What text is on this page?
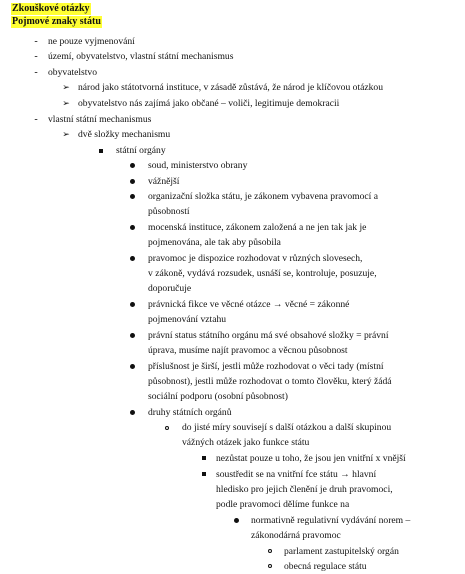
Zkouškové otázky
Pojmové znaky státu
-	ne pouze vyjmenování
-	území, obyvatelstvo, vlastní státní mechanismus
-	obyvatelstvo
➢ národ jako státotvorná instituce, v zásadě zůstává, že národ je klíčovou otázkou
➢ obyvatelstvo nás zajímá jako občané – voliči, legitimuje demokracii
-	vlastní státní mechanismus
➢ dvě složky mechanismu
státní orgány
soud, ministerstvo obrany
vážnější
organizační složka státu, je zákonem vybavena pravomocí a
působností
mocenská instituce, zákonem založená a ne jen tak jak je
pojmenována, ale tak aby působila
pravomoc je dispozice rozhodovat v různých slovesech,
v zákoně, vydává rozsudek, usnáší se, kontroluje, posuzuje,
doporučuje
právnická fikce ve věcné otázce → věcné = zákonné
pojmenování vztahu
právní status státního orgánu má své obsahové složky = právní
úprava, musíme najít pravomoc a věcnou působnost
příslušnost je širší, jestli může rozhodovat o věci tady (místní
působnost), jestli může rozhodovat o tomto člověku, který žádá
sociální podporu (osobní působnost)
druhy státních orgánů
do jisté míry souvisejí s další otázkou a další skupinou
vážných otázek jako funkce státu
nezůstat pouze u toho, že jsou jen vnitřní x vnější
soustředit se na vnitřní fce státu → hlavní
hledisko pro jejich členění je druh pravomoci,
podle pravomoci dělíme funkce na
normativně regulativní vydávání norem –
zákonodárná pravomoc
parlament zastupitelský orgán
obecná regulace státu
